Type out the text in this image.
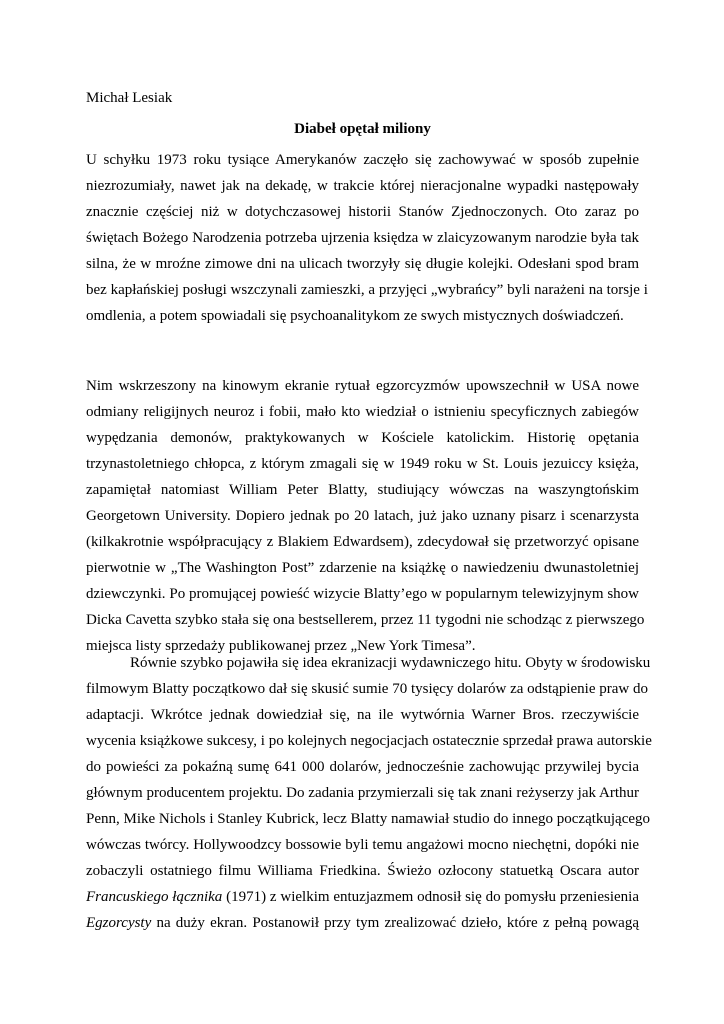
Michał Lesiak
Diabeł opętał miliony
U schyłku 1973 roku tysiące Amerykanów zaczęło się zachowywać w sposób zupełnie
niezrozumiały, nawet jak na dekadę, w trakcie której nieracjonalne wypadki następowały
znacznie częściej niż w dotychczasowej historii Stanów Zjednoczonych. Oto zaraz po
świętach Bożego Narodzenia potrzeba ujrzenia księdza w zlaicyzowanym narodzie była tak
silna, że w mroźne zimowe dni na ulicach tworzyły się długie kolejki. Odesłani spod bram
bez kapłańskiej posługi wszczynali zamieszki, a przyjęci „wybrańcy” byli narażeni na torsje i
omdlenia, a potem spowiadali się psychoanalitykom ze swych mistycznych doświadczeń.
Nim wskrzeszony na kinowym ekranie rytuał egzorcyzmów upowszechnił w USA nowe
odmiany religijnych neuroz i fobii, mało kto wiedział o istnieniu specyficznych zabiegów
wypędzania demonów, praktykowanych w Kościele katolickim. Historię opętania
trzynastoletniego chłopca, z którym zmagali się w 1949 roku w St. Louis jezuiccy księża,
zapamiętał natomiast William Peter Blatty, studiujący wówczas na waszyngtońskim
Georgetown University. Dopiero jednak po 20 latach, już jako uznany pisarz i scenarzysta
(kilkakrotnie współpracujący z Blakiem Edwardsem), zdecydował się przetworzyć opisane
pierwotnie w „The Washington Post” zdarzenie na książkę o nawiedzeniu dwunastoletniej
dziewczynki. Po promującej powieść wizycie Blatty’ego w popularnym telewizyjnym show
Dicka Cavetta szybko stała się ona bestsellerem, przez 11 tygodni nie schodząc z pierwszego
miejsca listy sprzedaży publikowanej przez „New York Timesa”.
Równie szybko pojawiła się idea ekranizacji wydawniczego hitu. Obyty w środowisku
filmowym Blatty początkowo dał się skusić sumie 70 tysięcy dolarów za odstąpienie praw do
adaptacji. Wkrótce jednak dowiedział się, na ile wytwórnia Warner Bros. rzeczywiście
wycenia książkowe sukcesy, i po kolejnych negocjacjach ostatecznie sprzedał prawa autorskie
do powieści za pokaźną sumę 641 000 dolarów, jednocześnie zachowując przywilej bycia
głównym producentem projektu. Do zadania przymierzali się tak znani reżyserzy jak Arthur
Penn, Mike Nichols i Stanley Kubrick, lecz Blatty namawiał studio do innego początkującego
wówczas twórcy. Hollywoodzcy bossowie byli temu angażowi mocno niechętni, dopóki nie
zobaczyli ostatniego filmu Williama Friedkina. Świeżo ozłocony statuetką Oscara autor
Francuskiego łącznika (1971) z wielkim entuzjazmem odnosił się do pomysłu przeniesienia
Egzorcysty na duży ekran. Postanowił przy tym zrealizować dzieło, które z pełną powagą
